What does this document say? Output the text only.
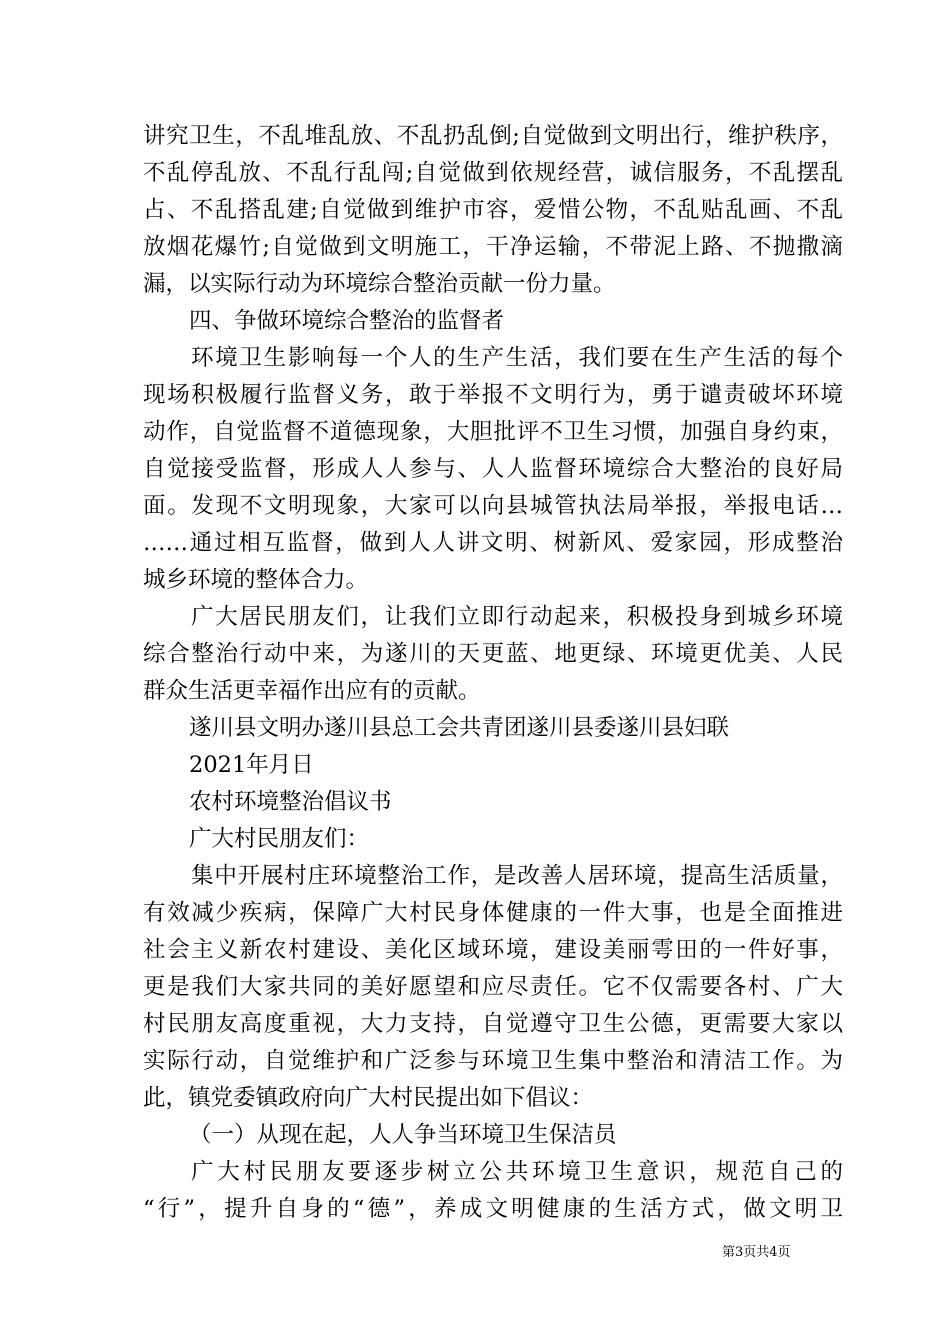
讲究卫生，不乱堆乱放、不乱扔乱倒;自觉做到文明出行，维护秩序，
不乱停乱放、不乱行乱闯;自觉做到依规经营，诚信服务，不乱摆乱
占、不乱搭乱建;自觉做到维护市容，爱惜公物，不乱贴乱画、不乱
放烟花爆竹;自觉做到文明施工，干净运输，不带泥上路、不抛撒滴
漏，以实际行动为环境综合整治贡献一份力量。
四、争做环境综合整治的监督者
环境卫生影响每一个人的生产生活，我们要在生产生活的每个
现场积极履行监督义务，敢于举报不文明行为，勇于谴责破坏环境
动作，自觉监督不道德现象，大胆批评不卫生习惯，加强自身约束，
自觉接受监督，形成人人参与、人人监督环境综合大整治的良好局
面。发现不文明现象，大家可以向县城管执法局举报，举报电话…
……通过相互监督，做到人人讲文明、树新风、爱家园，形成整治
城乡环境的整体合力。
广大居民朋友们，让我们立即行动起来，积极投身到城乡环境
综合整治行动中来，为遂川的天更蓝、地更绿、环境更优美、人民
群众生活更幸福作出应有的贡献。
遂川县文明办遂川县总工会共青团遂川县委遂川县妇联
2021年月日
农村环境整治倡议书
广大村民朋友们：
集中开展村庄环境整治工作，是改善人居环境，提高生活质量，
有效减少疾病，保障广大村民身体健康的一件大事，也是全面推进
社会主义新农村建设、美化区域环境，建设美丽雩田的一件好事，
更是我们大家共同的美好愿望和应尽责任。它不仅需要各村、广大
村民朋友高度重视，大力支持，自觉遵守卫生公德，更需要大家以
实际行动，自觉维护和广泛参与环境卫生集中整治和清洁工作。为
此，镇党委镇政府向广大村民提出如下倡议：
（一）从现在起，人人争当环境卫生保洁员
广大村民朋友要逐步树立公共环境卫生意识，规范自己的
“行”，提升自身的“德”，养成文明健康的生活方式，做文明卫
第3页共4页
